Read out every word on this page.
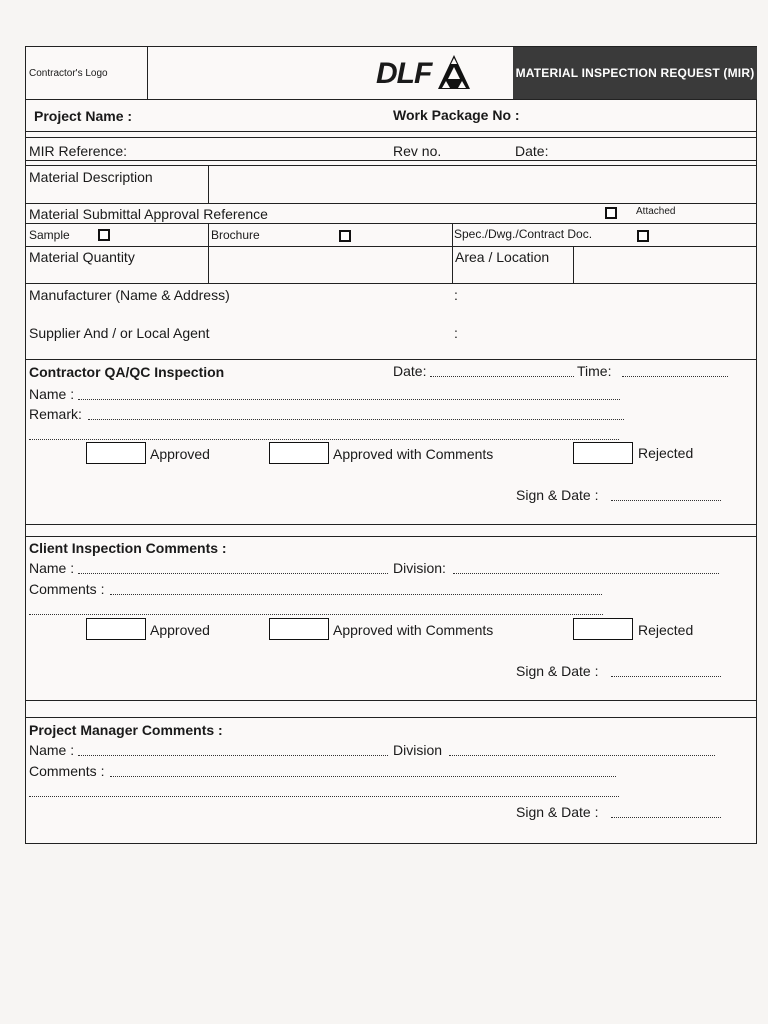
Contractor's Logo	DLF	MATERIAL INSPECTION REQUEST (MIR)
Project Name :	Work Package No :
MIR Reference:	Rev no.	Date:
Material Description
Material Submittal Approval Reference	Attached
Sample	Brochure	Spec./Dwg./Contract Doc.
Material Quantity	Area / Location
Manufacturer (Name & Address)	:
Supplier And / or Local Agent	:
Contractor QA/QC Inspection	Date:	Time:
Name :
Remark:
Approved	Approved with Comments	Rejected
Sign & Date :
Client Inspection Comments :
Name :	Division:
Comments :
Approved	Approved with Comments	Rejected
Sign & Date :
Project Manager Comments :
Name :	Division
Comments :
Sign & Date :
